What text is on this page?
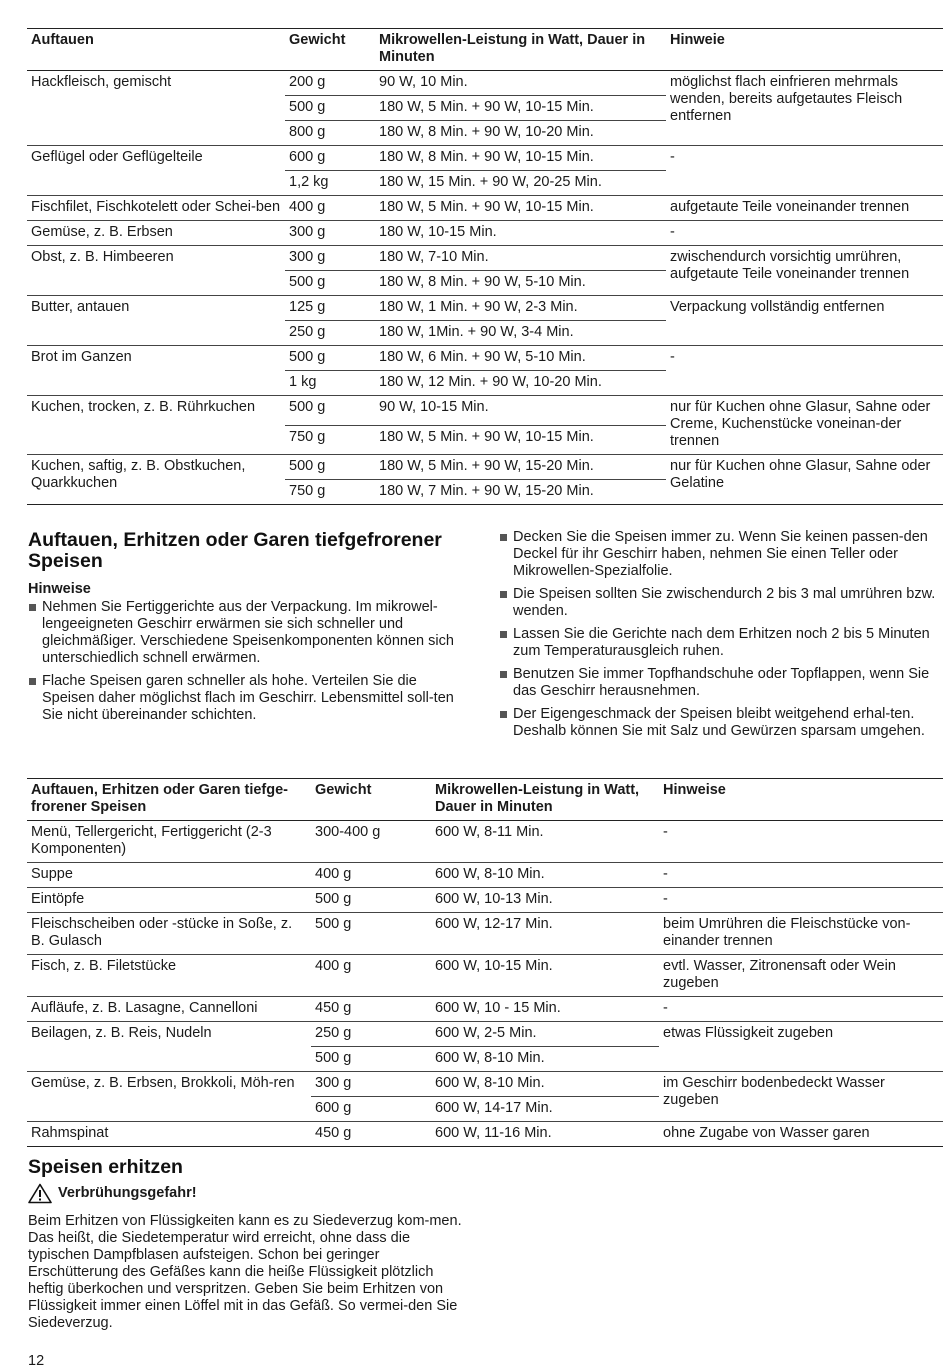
Auftauen	Gewicht	Mikrowellen-Leistung in Watt, Dauer in Minuten	Hinweie
Hackfleisch, gemischt	200 g	90 W, 10 Min.	möglichst flach einfrieren mehrmals wenden, bereits aufgetautes Fleisch entfernen
	500 g	180 W, 5 Min. + 90 W, 10-15 Min.	
	800 g	180 W, 8 Min. + 90 W, 10-20 Min.	
Geflügel oder Geflügelteile	600 g	180 W, 8 Min. + 90 W, 10-15 Min.	-
	1,2 kg	180 W, 15 Min. + 90 W, 20-25 Min.	
Fischfilet, Fischkotelett oder Schei-ben	400 g	180 W, 5 Min. + 90 W, 10-15 Min.	aufgetaute Teile voneinander trennen
Gemüse, z. B. Erbsen	300 g	180 W, 10-15 Min.	-
Obst, z. B. Himbeeren	300 g	180 W, 7-10 Min.	zwischendurch vorsichtig umrühren, aufgetaute Teile voneinander trennen
	500 g	180 W, 8 Min. + 90 W, 5-10 Min.	
Butter, antauen	125 g	180 W, 1 Min. + 90 W, 2-3 Min.	Verpackung vollständig entfernen
	250 g	180 W, 1Min. + 90 W, 3-4 Min.	
Brot im Ganzen	500 g	180 W, 6 Min. + 90 W, 5-10 Min.	-
	1 kg	180 W, 12 Min. + 90 W, 10-20 Min.	
Kuchen, trocken, z. B. Rührkuchen	500 g	90 W, 10-15 Min.	nur für Kuchen ohne Glasur, Sahne oder Creme, Kuchenstücke voneinan-der trennen
	750 g	180 W, 5 Min. + 90 W, 10-15 Min.	
Kuchen, saftig, z. B. Obstkuchen, Quarkkuchen	500 g	180 W, 5 Min. + 90 W, 15-20 Min.	nur für Kuchen ohne Glasur, Sahne oder Gelatine
	750 g	180 W, 7 Min. + 90 W, 15-20 Min.	
Auftauen, Erhitzen oder Garen tiefgefrorener Speisen
Hinweise
Nehmen Sie Fertiggerichte aus der Verpackung. Im mikrowel-lengeeigneten Geschirr erwärmen sie sich schneller und gleichmäßiger. Verschiedene Speisenkomponenten können sich unterschiedlich schnell erwärmen.
Flache Speisen garen schneller als hohe. Verteilen Sie die Speisen daher möglichst flach im Geschirr. Lebensmittel soll-ten Sie nicht übereinander schichten.
Decken Sie die Speisen immer zu. Wenn Sie keinen passen-den Deckel für ihr Geschirr haben, nehmen Sie einen Teller oder Mikrowellen-Spezialfolie.
Die Speisen sollten Sie zwischendurch 2 bis 3 mal umrühren bzw. wenden.
Lassen Sie die Gerichte nach dem Erhitzen noch 2 bis 5 Minuten zum Temperaturausgleich ruhen.
Benutzen Sie immer Topfhandschuhe oder Topflappen, wenn Sie das Geschirr herausnehmen.
Der Eigengeschmack der Speisen bleibt weitgehend erhal-ten. Deshalb können Sie mit Salz und Gewürzen sparsam umgehen.
Auftauen, Erhitzen oder Garen tiefge-frorener Speisen	Gewicht	Mikrowellen-Leistung in Watt, Dauer in Minuten	Hinweise
Menü, Tellergericht, Fertiggericht (2-3 Komponenten)	300-400 g	600 W, 8-11 Min.	-
Suppe	400 g	600 W, 8-10 Min.	-
Eintöpfe	500 g	600 W, 10-13 Min.	-
Fleischscheiben oder -stücke in Soße, z. B. Gulasch	500 g	600 W, 12-17 Min.	beim Umrühren die Fleischstücke von-einander trennen
Fisch, z. B. Filetstücke	400 g	600 W, 10-15 Min.	evtl. Wasser, Zitronensaft oder Wein zugeben
Aufläufe, z. B. Lasagne, Cannelloni	450 g	600 W, 10 - 15 Min.	-
Beilagen, z. B. Reis, Nudeln	250 g	600 W, 2-5 Min.	etwas Flüssigkeit zugeben
	500 g	600 W, 8-10 Min.	
Gemüse, z. B. Erbsen, Brokkoli, Möh-ren	300 g	600 W, 8-10 Min.	im Geschirr bodenbedeckt Wasser zugeben
	600 g	600 W, 14-17 Min.	
Rahmspinat	450 g	600 W, 11-16 Min.	ohne Zugabe von Wasser garen
Speisen erhitzen
Verbrühungsgefahr!

Beim Erhitzen von Flüssigkeiten kann es zu Siedeverzug kom-men. Das heißt, die Siedetemperatur wird erreicht, ohne dass die typischen Dampfblasen aufsteigen. Schon bei geringer Erschütterung des Gefäßes kann die heiße Flüssigkeit plötzlich heftig überkochen und verspritzen. Geben Sie beim Erhitzen von Flüssigkeit immer einen Löffel mit in das Gefäß. So vermei-den Sie Siedeverzug.

12
